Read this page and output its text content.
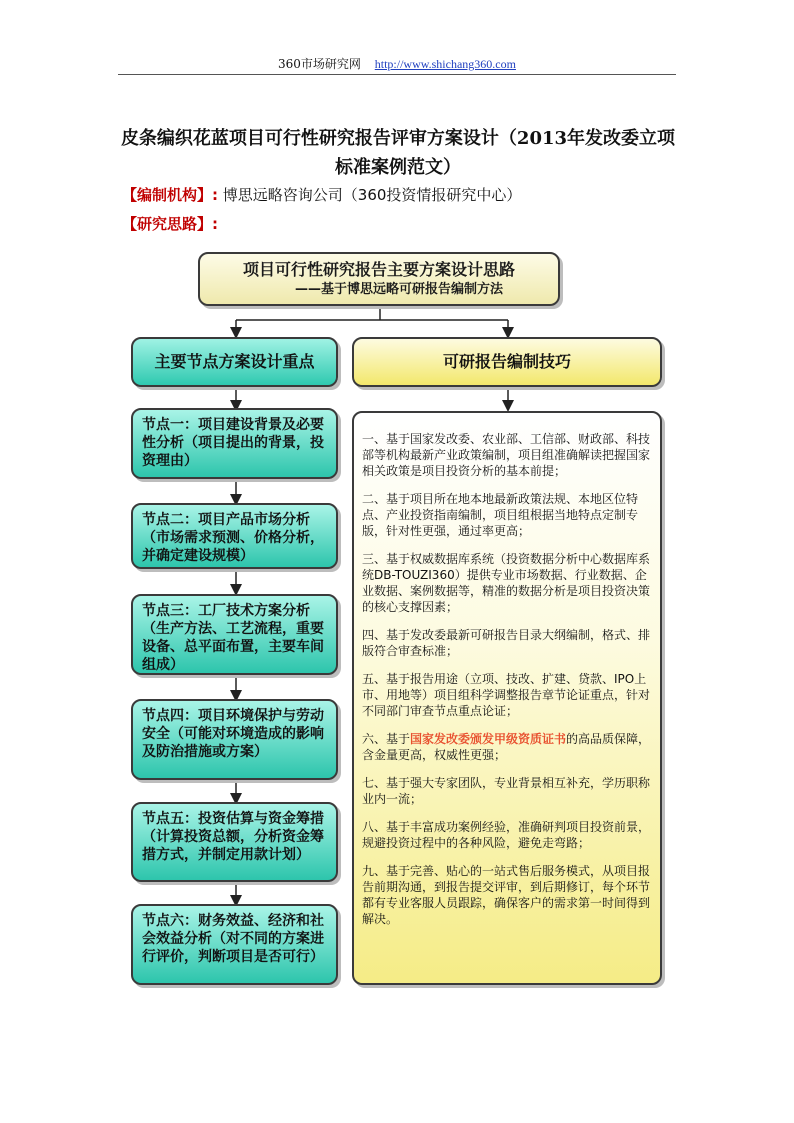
360市场研究网 http://www.shichang360.com
皮条编织花蓝项目可行性研究报告评审方案设计（2013年发改委立项标准案例范文）
【编制机构】: 博思远略咨询公司（360投资情报研究中心）
【研究思路】:
项目可行性研究报告主要方案设计思路
——基于博思远略可研报告编制方法
主要节点方案设计重点	可研报告编制技巧
节点一：项目建设背景及必要性分析（项目提出的背景，投资理由）
节点二：项目产品市场分析（市场需求预测、价格分析，并确定建设规模）
节点三：工厂技术方案分析（生产方法、工艺流程，重要设备、总平面布置，主要车间组成）
节点四：项目环境保护与劳动安全（可能对环境造成的影响及防治措施或方案）
节点五：投资估算与资金筹措（计算投资总额，分析资金筹措方式，并制定用款计划）
节点六：财务效益、经济和社会效益分析（对不同的方案进行评价，判断项目是否可行）

一、基于国家发改委、农业部、工信部、财政部、科技部等机构最新产业政策编制，项目组准确解读把握国家相关政策是项目投资分析的基本前提；

二、基于项目所在地本地最新政策法规、本地区位特点、产业投资指南编制，项目组根据当地特点定制专版，针对性更强，通过率更高；

三、基于权威数据库系统（投资数据分析中心数据库系统DB-TOUZI360）提供专业市场数据、行业数据、企业数据、案例数据等，精准的数据分析是项目投资决策的核心支撑因素；

四、基于发改委最新可研报告目录大纲编制，格式、排版符合审查标准；

五、基于报告用途（立项、技改、扩建、贷款、IPO上市、用地等）项目组科学调整报告章节论证重点，针对不同部门审查节点重点论证；

六、基于国家发改委颁发甲级资质证书的高品质保障，含金量更高，权威性更强；

七、基于强大专家团队，专业背景相互补充，学历职称业内一流；

八、基于丰富成功案例经验，准确研判项目投资前景，规避投资过程中的各种风险，避免走弯路；

九、基于完善、贴心的一站式售后服务模式，从项目报告前期沟通，到报告提交评审，到后期修订，每个环节都有专业客服人员跟踪，确保客户的需求第一时间得到解决。
